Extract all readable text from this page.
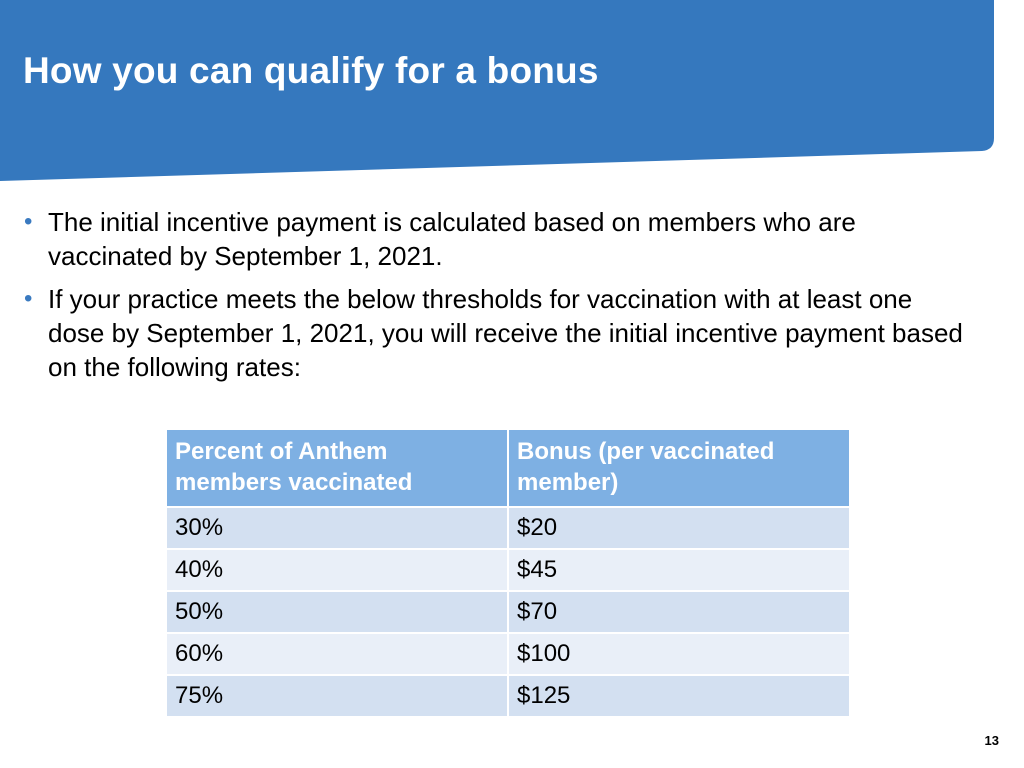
How you can qualify for a bonus
• The initial incentive payment is calculated based on members who are vaccinated by September 1, 2021.
• If your practice meets the below thresholds for vaccination with at least one dose by September 1, 2021, you will receive the initial incentive payment based on the following rates:
Percent of Anthem members vaccinated	Bonus (per vaccinated member)
30%	$20
40%	$45
50%	$70
60%	$100
75%	$125
13
